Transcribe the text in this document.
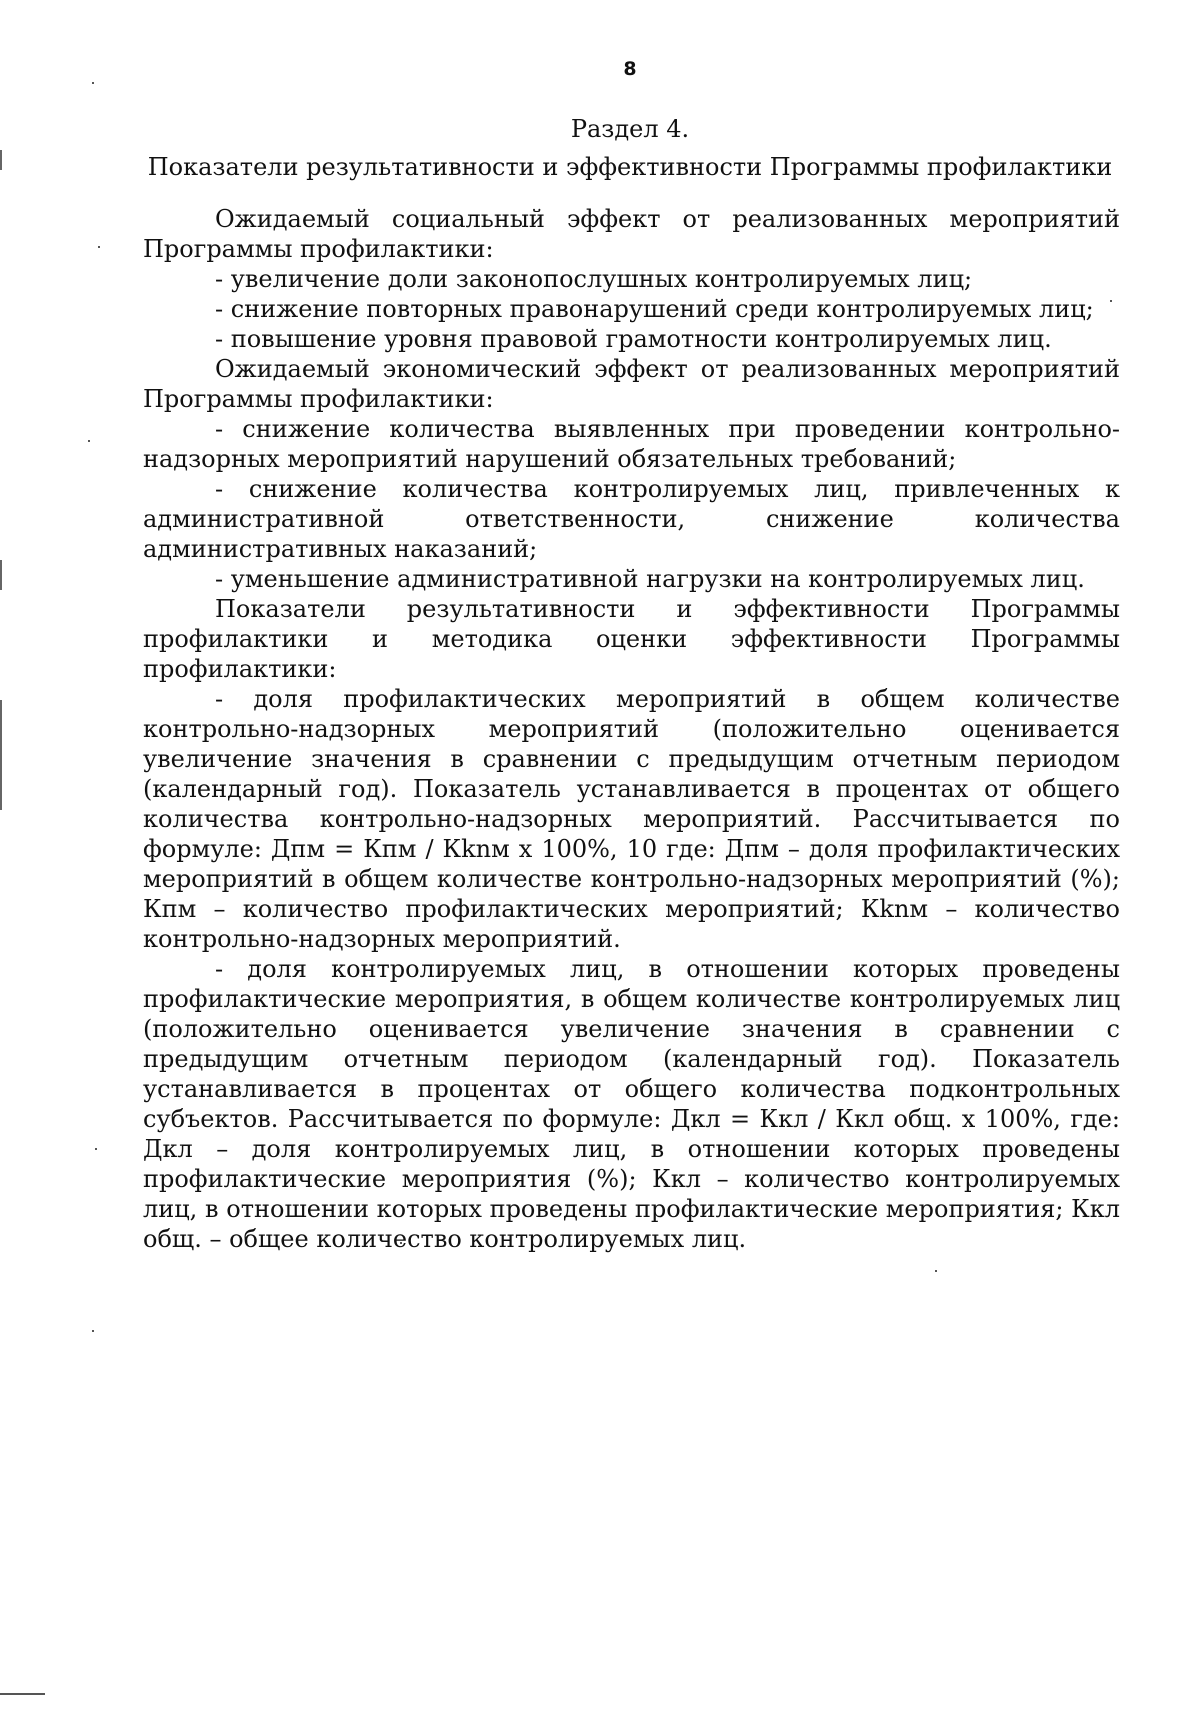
8
Раздел 4.
Показатели результативности и эффективности Программы профилактики

Ожидаемый социальный эффект от реализованных мероприятий Программы профилактики:

- увеличение доли законопослушных контролируемых лиц;

- снижение повторных правонарушений среди контролируемых лиц;

- повышение уровня правовой грамотности контролируемых лиц.

Ожидаемый экономический эффект от реализованных мероприятий Программы профилактики:

- снижение количества выявленных при проведении контрольно-надзорных мероприятий нарушений обязательных требований;

- снижение количества контролируемых лиц, привлеченных к административной ответственности, снижение количества административных наказаний;

- уменьшение административной нагрузки на контролируемых лиц.

Показатели результативности и эффективности Программы профилактики и методика оценки эффективности Программы профилактики:

- доля профилактических мероприятий в общем количестве контрольно-надзорных мероприятий (положительно оценивается увеличение значения в сравнении с предыдущим отчетным периодом (календарный год). Показатель устанавливается в процентах от общего количества контрольно-надзорных мероприятий. Рассчитывается по формуле: Дпм = Кпм / Кknм х 100%, 10 где: Дпм – доля профилактических мероприятий в общем количестве контрольно-надзорных мероприятий (%); Кпм – количество профилактических мероприятий; Кknм – количество контрольно-надзорных мероприятий.

- доля контролируемых лиц, в отношении которых проведены профилактические мероприятия, в общем количестве контролируемых лиц (положительно оценивается увеличение значения в сравнении с предыдущим отчетным периодом (календарный год). Показатель устанавливается в процентах от общего количества подконтрольных субъектов. Рассчитывается по формуле: Дкл = Ккл / Ккл общ. х 100%, где: Дкл – доля контролируемых лиц, в отношении которых проведены профилактические мероприятия (%); Ккл – количество контролируемых лиц, в отношении которых проведены профилактические мероприятия; Ккл общ. – общее количество контролируемых лиц.
